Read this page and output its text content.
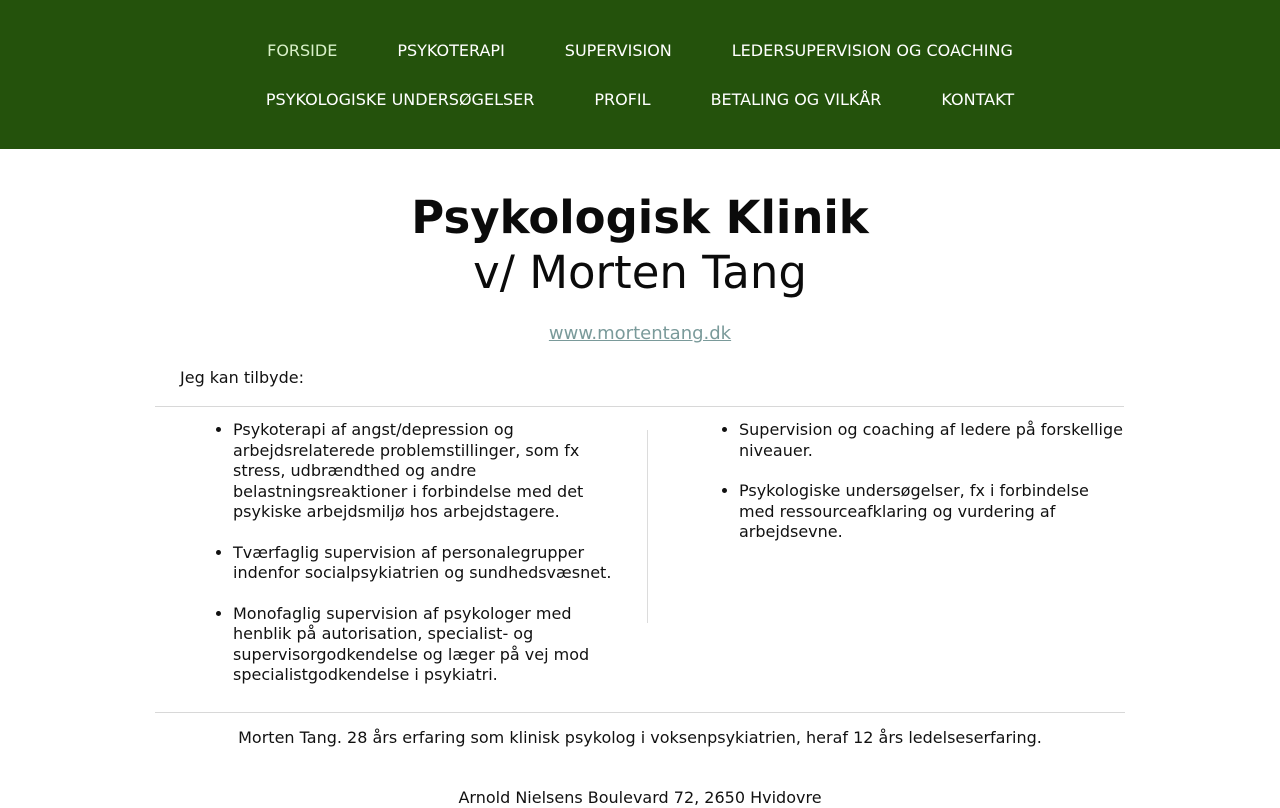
FORSIDE	PSYKOTERAPI	SUPERVISION	LEDERSUPERVISION OG COACHING
PSYKOLOGISKE UNDERSØGELSER	PROFIL	BETALING OG VILKÅR	KONTAKT
Psykologisk Klinik
v/ Morten Tang
www.mortentang.dk
Jeg kan tilbyde:
• Psykoterapi af angst/depression og arbejdsrelaterede problemstillinger, som fx stress, udbrændthed og andre belastningsreaktioner i forbindelse med det psykiske arbejdsmiljø hos arbejdstagere.
• Tværfaglig supervision af personalegrupper indenfor socialpsykiatrien og sundhedsvæsnet.
• Monofaglig supervision af psykologer med henblik på autorisation, specialist- og supervisorgodkendelse og læger på vej mod specialistgodkendelse i psykiatri.
• Supervision og coaching af ledere på forskellige niveauer.
• Psykologiske undersøgelser, fx i forbindelse med ressourceafklaring og vurdering af arbejdsevne.
Morten Tang. 28 års erfaring som klinisk psykolog i voksenpsykiatrien, heraf 12 års ledelseserfaring.
Arnold Nielsens Boulevard 72, 2650 Hvidovre
